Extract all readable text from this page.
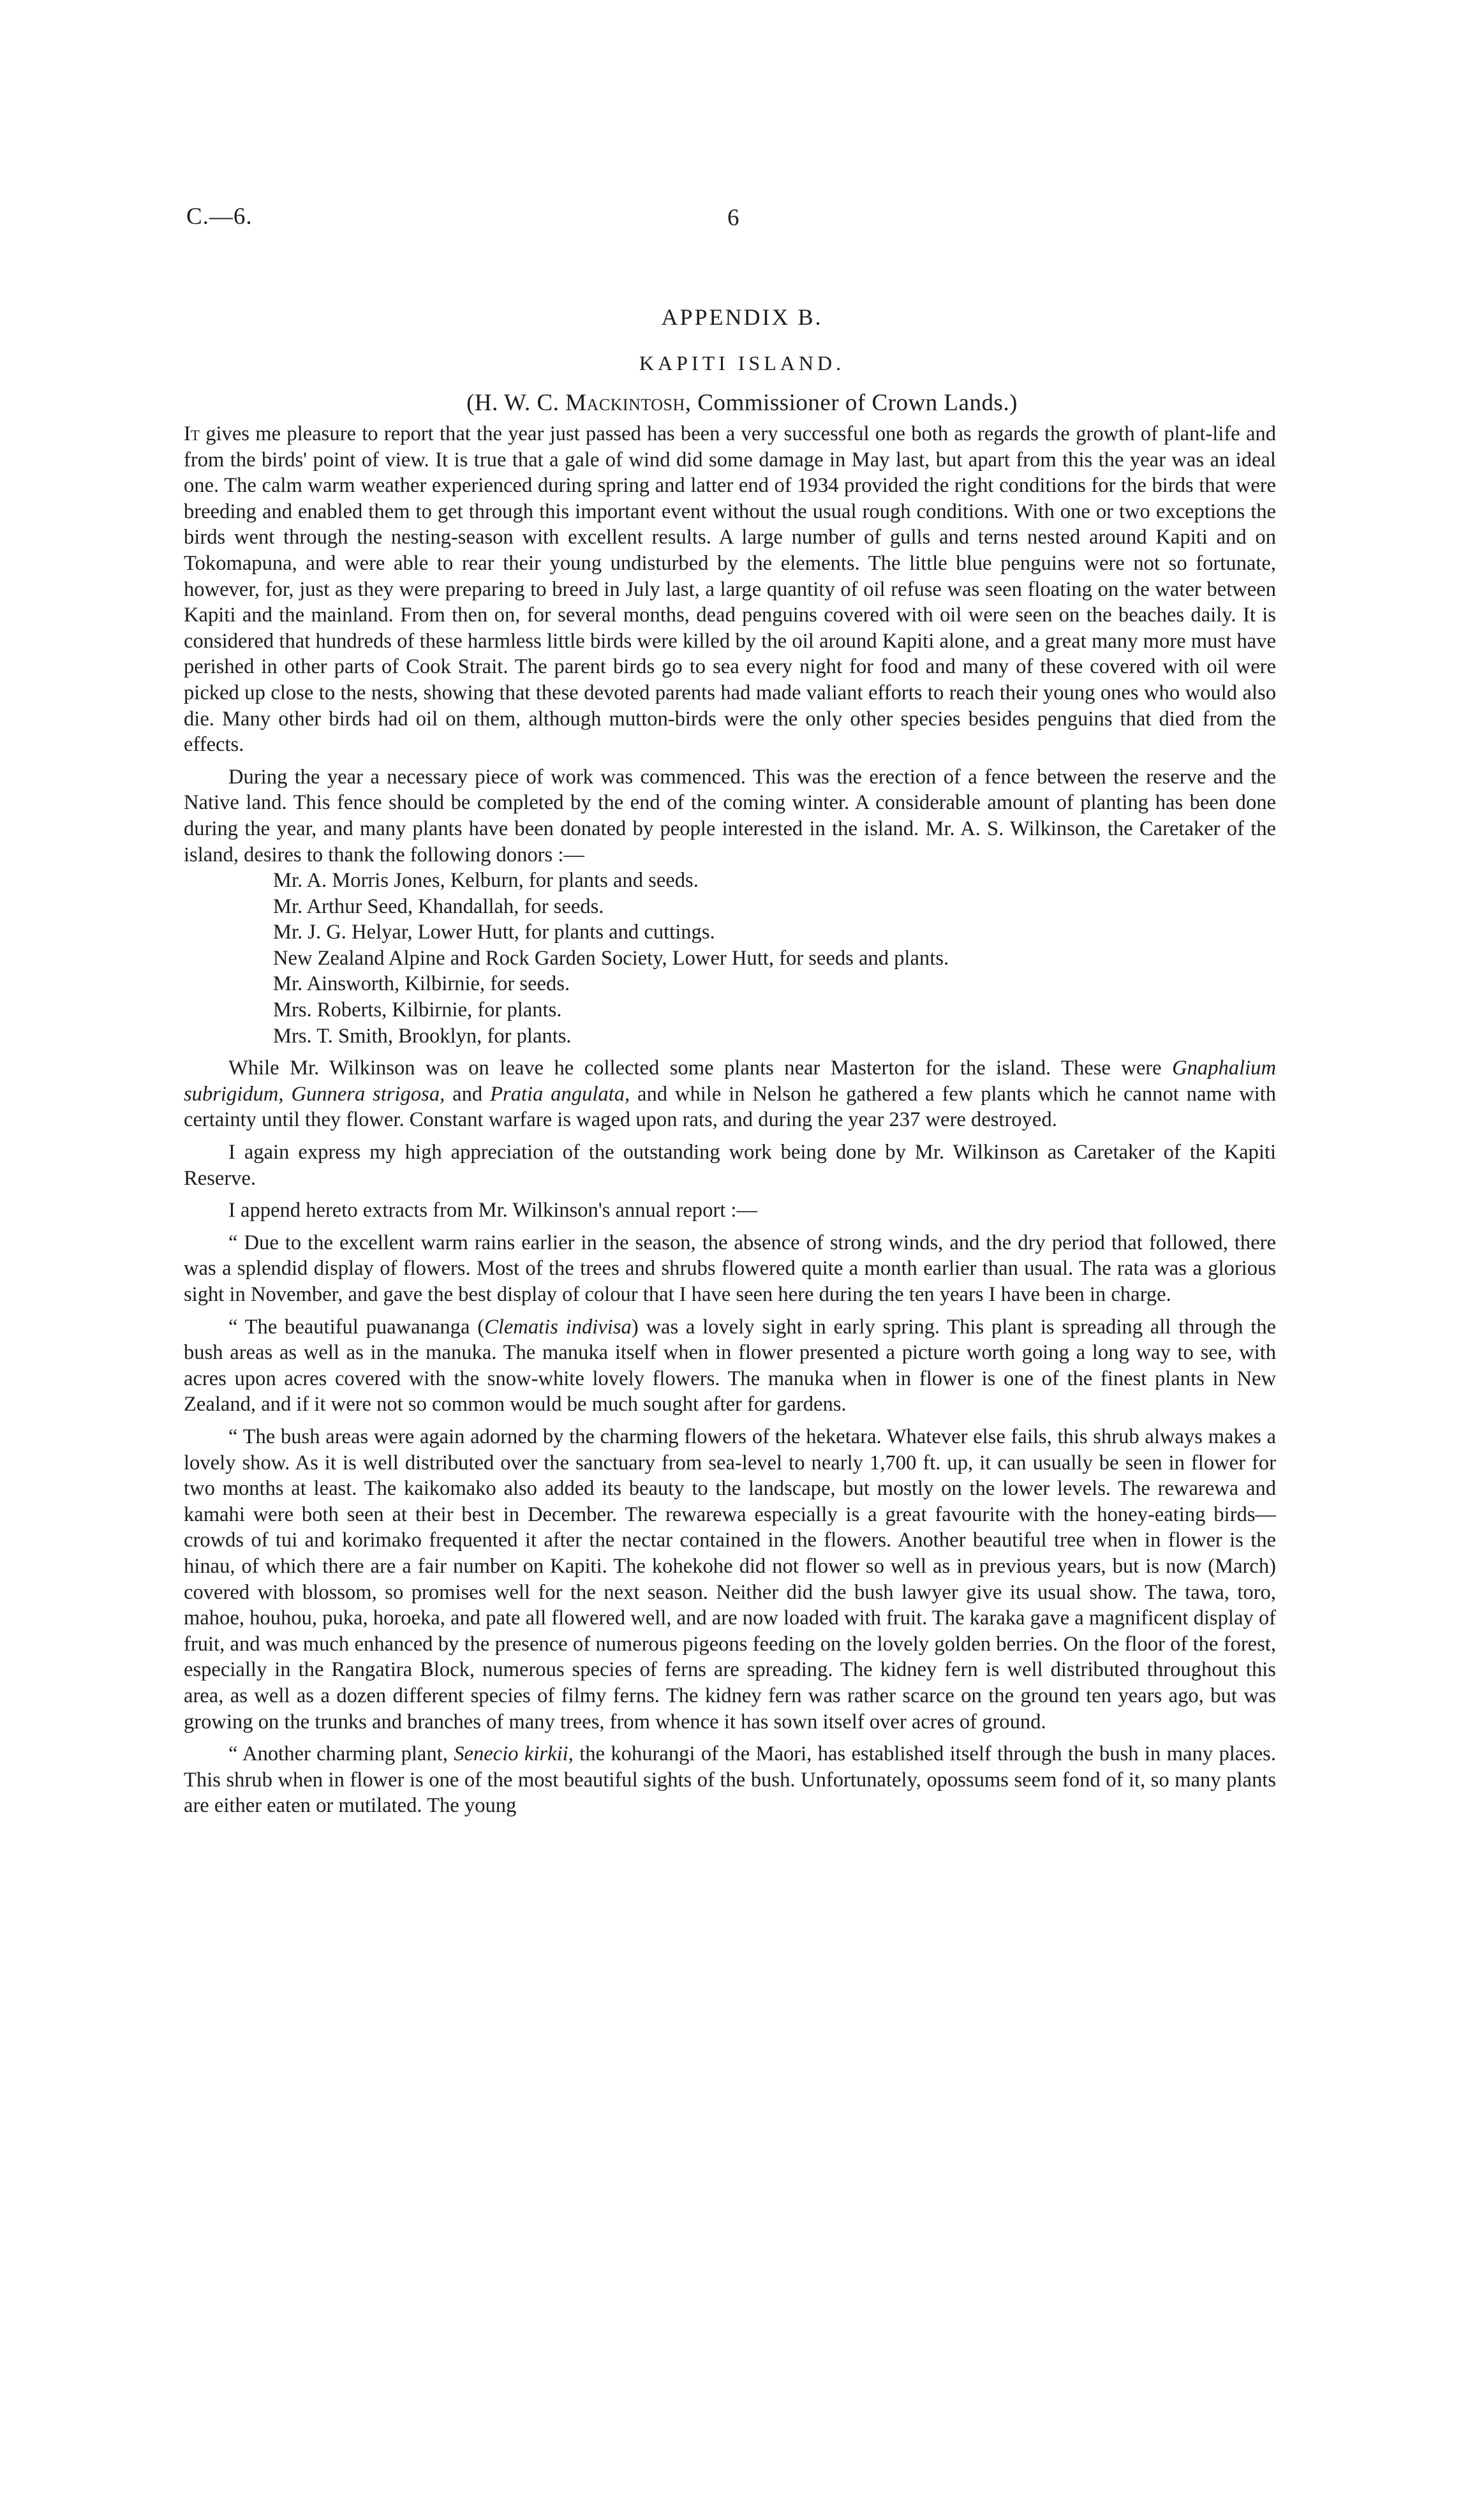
C.—6.	6
APPENDIX B.
KAPITI ISLAND.
(H. W. C. Mackintosh, Commissioner of Crown Lands.)

It gives me pleasure to report that the year just passed has been a very successful one both as regards the growth of plant-life and from the birds' point of view. It is true that a gale of wind did some damage in May last, but apart from this the year was an ideal one. The calm warm weather experienced during spring and latter end of 1934 provided the right conditions for the birds that were breeding and enabled them to get through this important event without the usual rough conditions. With one or two exceptions the birds went through the nesting-season with excellent results. A large number of gulls and terns nested around Kapiti and on Tokomapuna, and were able to rear their young undisturbed by the elements. The little blue penguins were not so fortunate, however, for, just as they were preparing to breed in July last, a large quantity of oil refuse was seen floating on the water between Kapiti and the mainland. From then on, for several months, dead penguins covered with oil were seen on the beaches daily. It is considered that hundreds of these harmless little birds were killed by the oil around Kapiti alone, and a great many more must have perished in other parts of Cook Strait. The parent birds go to sea every night for food and many of these covered with oil were picked up close to the nests, showing that these devoted parents had made valiant efforts to reach their young ones who would also die. Many other birds had oil on them, although mutton-birds were the only other species besides penguins that died from the effects.

During the year a necessary piece of work was commenced. This was the erection of a fence between the reserve and the Native land. This fence should be completed by the end of the coming winter. A considerable amount of planting has been done during the year, and many plants have been donated by people interested in the island. Mr. A. S. Wilkinson, the Caretaker of the island, desires to thank the following donors :—

Mr. A. Morris Jones, Kelburn, for plants and seeds.
Mr. Arthur Seed, Khandallah, for seeds.
Mr. J. G. Helyar, Lower Hutt, for plants and cuttings.
New Zealand Alpine and Rock Garden Society, Lower Hutt, for seeds and plants.
Mr. Ainsworth, Kilbirnie, for seeds.
Mrs. Roberts, Kilbirnie, for plants.
Mrs. T. Smith, Brooklyn, for plants.

While Mr. Wilkinson was on leave he collected some plants near Masterton for the island. These were Gnaphalium subrigidum, Gunnera strigosa, and Pratia angulata, and while in Nelson he gathered a few plants which he cannot name with certainty until they flower. Constant warfare is waged upon rats, and during the year 237 were destroyed.

I again express my high appreciation of the outstanding work being done by Mr. Wilkinson as Caretaker of the Kapiti Reserve.

I append hereto extracts from Mr. Wilkinson's annual report :—

“ Due to the excellent warm rains earlier in the season, the absence of strong winds, and the dry period that followed, there was a splendid display of flowers. Most of the trees and shrubs flowered quite a month earlier than usual. The rata was a glorious sight in November, and gave the best display of colour that I have seen here during the ten years I have been in charge.

“ The beautiful puawananga (Clematis indivisa) was a lovely sight in early spring. This plant is spreading all through the bush areas as well as in the manuka. The manuka itself when in flower presented a picture worth going a long way to see, with acres upon acres covered with the snow-white lovely flowers. The manuka when in flower is one of the finest plants in New Zealand, and if it were not so common would be much sought after for gardens.

“ The bush areas were again adorned by the charming flowers of the heketara. Whatever else fails, this shrub always makes a lovely show. As it is well distributed over the sanctuary from sea-level to nearly 1,700 ft. up, it can usually be seen in flower for two months at least. The kaikomako also added its beauty to the landscape, but mostly on the lower levels. The rewarewa and kamahi were both seen at their best in December. The rewarewa especially is a great favourite with the honey-eating birds—crowds of tui and korimako frequented it after the nectar contained in the flowers. Another beautiful tree when in flower is the hinau, of which there are a fair number on Kapiti. The kohekohe did not flower so well as in previous years, but is now (March) covered with blossom, so promises well for the next season. Neither did the bush lawyer give its usual show. The tawa, toro, mahoe, houhou, puka, horoeka, and pate all flowered well, and are now loaded with fruit. The karaka gave a magnificent display of fruit, and was much enhanced by the presence of numerous pigeons feeding on the lovely golden berries. On the floor of the forest, especially in the Rangatira Block, numerous species of ferns are spreading. The kidney fern is well distributed throughout this area, as well as a dozen different species of filmy ferns. The kidney fern was rather scarce on the ground ten years ago, but was growing on the trunks and branches of many trees, from whence it has sown itself over acres of ground.

“ Another charming plant, Senecio kirkii, the kohurangi of the Maori, has established itself through the bush in many places. This shrub when in flower is one of the most beautiful sights of the bush. Unfortunately, opossums seem fond of it, so many plants are either eaten or mutilated. The young
